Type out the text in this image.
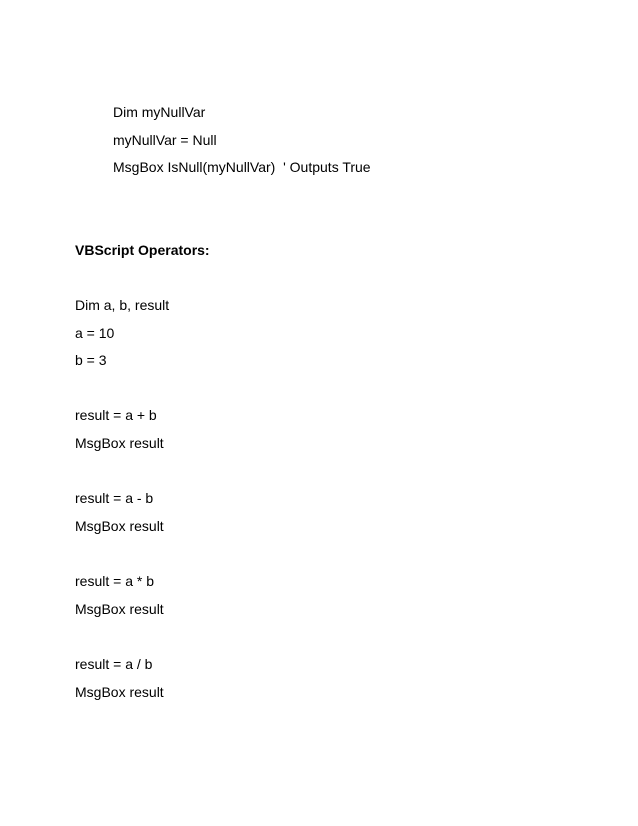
Dim myNullVar

myNullVar = Null

MsgBox IsNull(myNullVar)  ' Outputs True

VBScript Operators:

Dim a, b, result

a = 10

b = 3

result = a + b

MsgBox result

result = a - b

MsgBox result

result = a * b

MsgBox result

result = a / b

MsgBox result
